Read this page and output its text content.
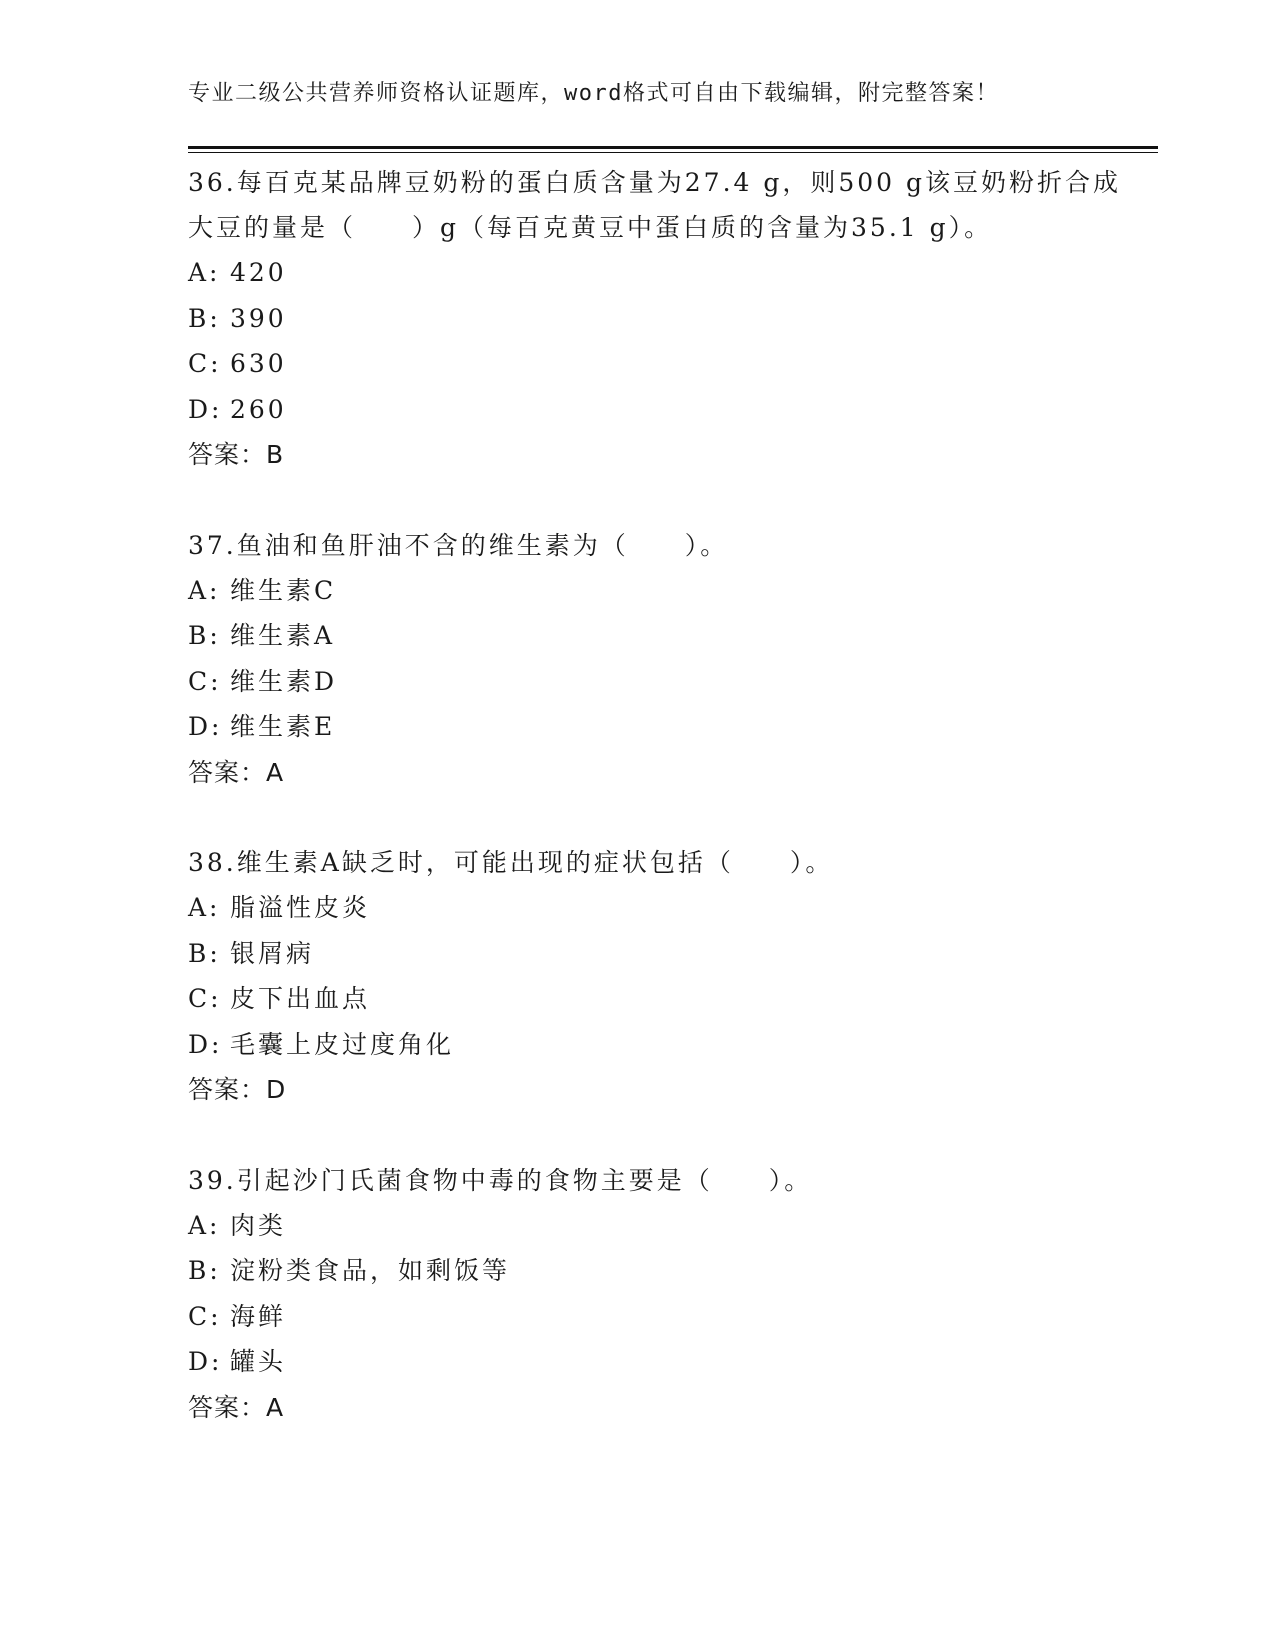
专业二级公共营养师资格认证题库，word格式可自由下载编辑，附完整答案！

36.每百克某品牌豆奶粉的蛋白质含量为27.4 g，则500 g该豆奶粉折合成大豆的量是（　　）g（每百克黄豆中蛋白质的含量为35.1 g）。

A: 420
B: 390
C: 630
D: 260

答案：B

37.鱼油和鱼肝油不含的维生素为（　　）。

A: 维生素C
B: 维生素A
C: 维生素D
D: 维生素E

答案：A

38.维生素A缺乏时，可能出现的症状包括（　　）。

A: 脂溢性皮炎
B: 银屑病
C: 皮下出血点
D: 毛囊上皮过度角化

答案：D

39.引起沙门氏菌食物中毒的食物主要是（　　）。

A: 肉类
B: 淀粉类食品，如剩饭等
C: 海鲜
D: 罐头

答案：A
